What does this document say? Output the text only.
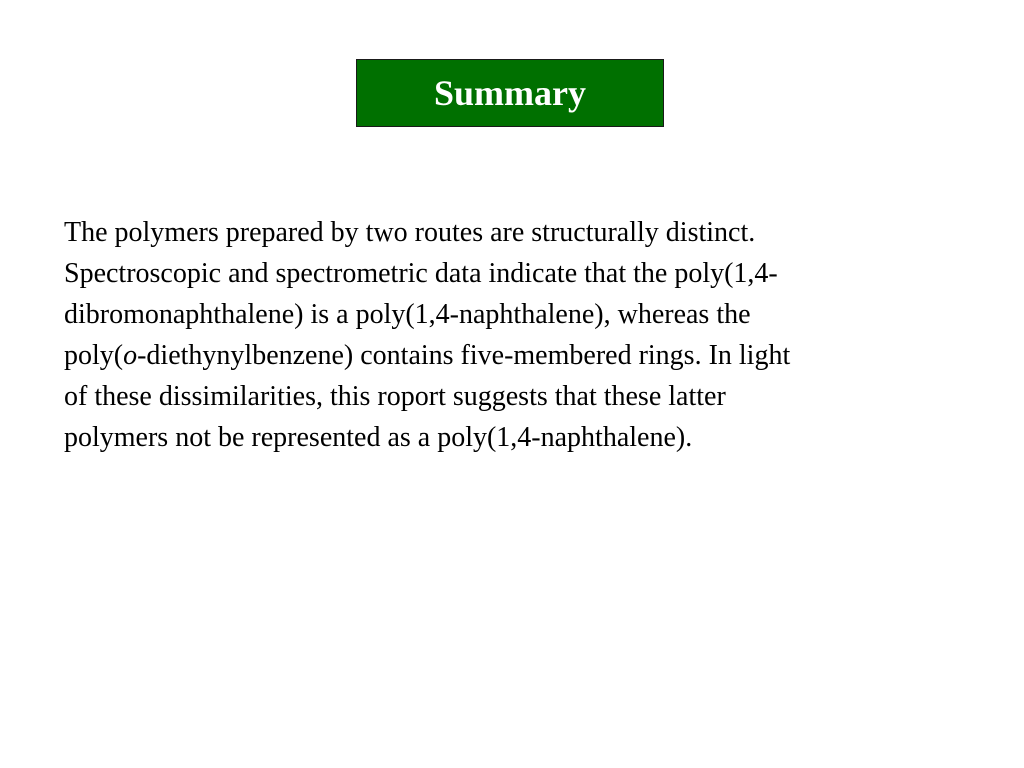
Summary
The polymers prepared by two routes are structurally distinct.
Spectroscopic and spectrometric data indicate that the poly(1,4-
dibromonaphthalene) is a poly(1,4-naphthalene), whereas the
poly(o-diethynylbenzene) contains five-membered rings. In light
of these dissimilarities, this roport suggests that these latter
polymers not be represented as a poly(1,4-naphthalene).
